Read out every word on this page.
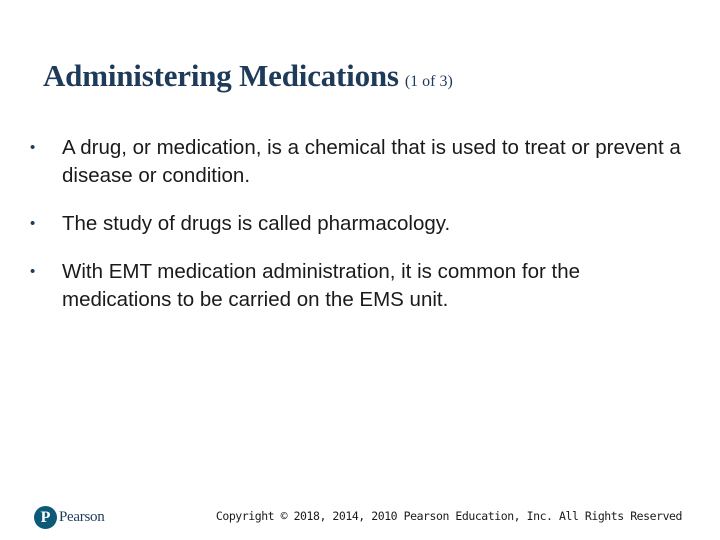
Administering Medications (1 of 3)
•	A drug, or medication, is a chemical that is used to treat or prevent a disease or condition.
•	The study of drugs is called pharmacology.
•	With EMT medication administration, it is common for the medications to be carried on the EMS unit.
P Pearson	Copyright © 2018, 2014, 2010 Pearson Education, Inc. All Rights Reserved
